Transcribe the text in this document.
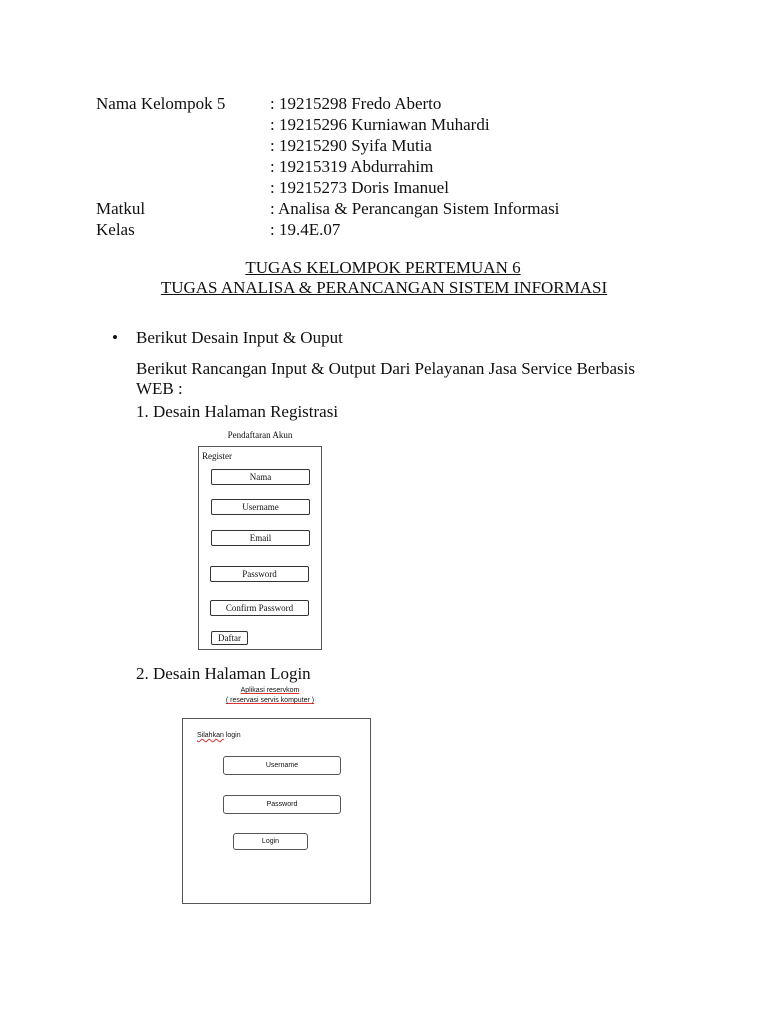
Nama Kelompok 5	: 19215298 Fredo Aberto
: 19215296 Kurniawan Muhardi
: 19215290 Syifa Mutia
: 19215319 Abdurrahim
: 19215273 Doris Imanuel
Matkul	: Analisa & Perancangan Sistem Informasi
Kelas	: 19.4E.07
TUGAS KELOMPOK PERTEMUAN 6
TUGAS ANALISA & PERANCANGAN SISTEM INFORMASI
•	Berikut Desain Input & Ouput
Berikut Rancangan Input & Output Dari Pelayanan Jasa Service Berbasis WEB :
1. Desain Halaman Registrasi
Pendaftaran Akun
Register
Nama
Username
Email
Password
Confirm Password
Daftar
2. Desain Halaman Login
Aplikasi reservkom
( reservasi servis komputer )
Silahkan login
Username
Password
Login
